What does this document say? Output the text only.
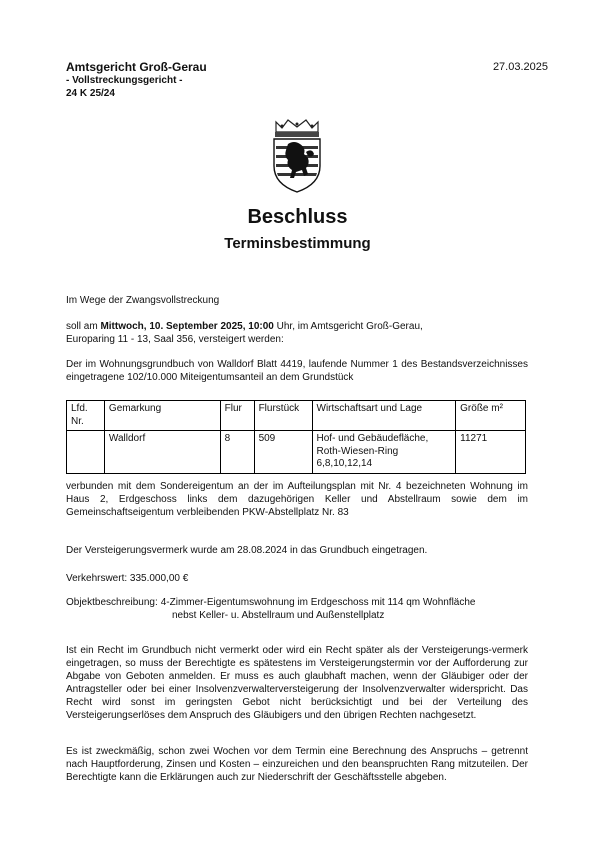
Amtsgericht Groß-Gerau
- Vollstreckungsgericht -
24 K 25/24
27.03.2025
Beschluss
Terminsbestimmung
Im Wege der Zwangsvollstreckung
soll am Mittwoch, 10. September 2025, 10:00 Uhr, im Amtsgericht Groß-Gerau,
Europaring 11 - 13, Saal 356, versteigert werden:
Der im Wohnungsgrundbuch von Walldorf Blatt 4419, laufende Nummer 1 des Bestandsverzeichnisses eingetragene 102/10.000 Miteigentumsanteil an dem Grundstück
Lfd. Nr.	Gemarkung	Flur	Flurstück	Wirtschaftsart und Lage	Größe m²
	Walldorf	8	509	Hof- und Gebäudefläche, Roth-Wiesen-Ring 6,8,10,12,14	11271
verbunden mit dem Sondereigentum an der im Aufteilungsplan mit Nr. 4 bezeichneten Wohnung im Haus 2, Erdgeschoss links dem dazugehörigen Keller und Abstellraum sowie dem im Gemeinschaftseigentum verbleibenden PKW-Abstellplatz Nr. 83
Der Versteigerungsvermerk wurde am 28.08.2024 in das Grundbuch eingetragen.
Verkehrswert: 335.000,00 €
Objektbeschreibung: 4-Zimmer-Eigentumswohnung im Erdgeschoss mit 114 qm Wohnfläche
nebst Keller- u. Abstellraum und Außenstellplatz
Ist ein Recht im Grundbuch nicht vermerkt oder wird ein Recht später als der Versteigerungs-vermerk eingetragen, so muss der Berechtigte es spätestens im Versteigerungstermin vor der Aufforderung zur Abgabe von Geboten anmelden. Er muss es auch glaubhaft machen, wenn der Gläubiger oder der Antragsteller oder bei einer Insolvenzverwalterversteigerung der Insolvenzverwalter widerspricht. Das Recht wird sonst im geringsten Gebot nicht berücksichtigt und bei der Verteilung des Versteigerungserlöses dem Anspruch des Gläubigers und den übrigen Rechten nachgesetzt.
Es ist zweckmäßig, schon zwei Wochen vor dem Termin eine Berechnung des Anspruchs – getrennt nach Hauptforderung, Zinsen und Kosten – einzureichen und den beanspruchten Rang mitzuteilen. Der Berechtigte kann die Erklärungen auch zur Niederschrift der Geschäftsstelle abgeben.
